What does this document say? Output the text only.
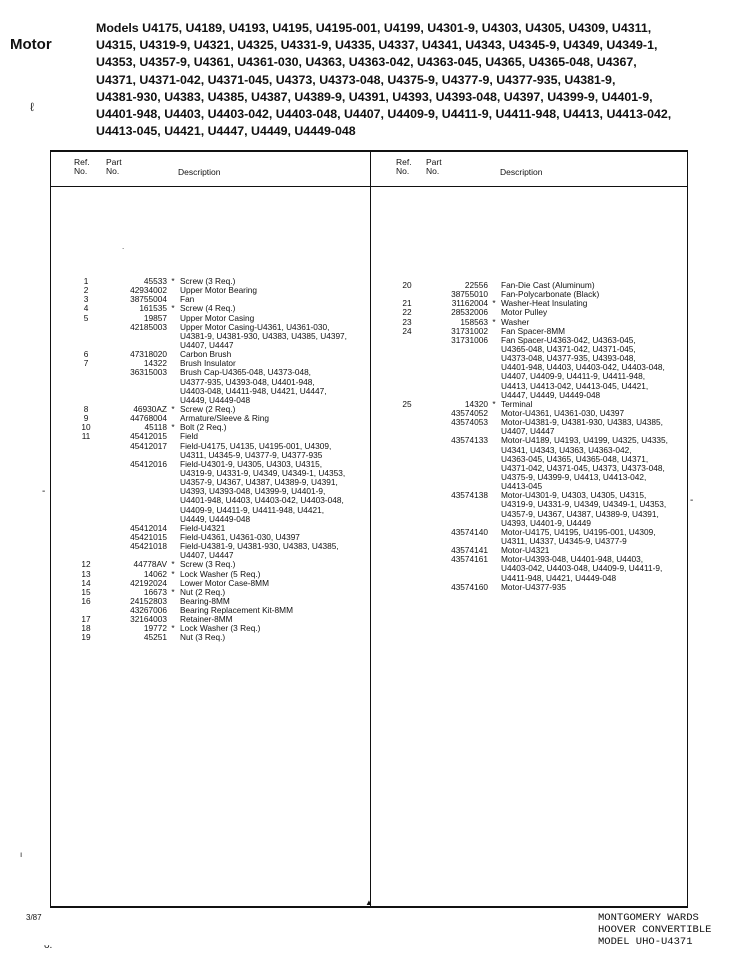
Motor
Models U4175, U4189, U4193, U4195, U4195-001, U4199, U4301-9, U4303, U4305, U4309, U4311,
U4315, U4319-9, U4321, U4325, U4331-9, U4335, U4337, U4341, U4343, U4345-9, U4349, U4349-1,
U4353, U4357-9, U4361, U4361-030, U4363, U4363-042, U4363-045, U4365, U4365-048, U4367,
U4371, U4371-042, U4371-045, U4373, U4373-048, U4375-9, U4377-9, U4377-935, U4381-9,
U4381-930, U4383, U4385, U4387, U4389-9, U4391, U4393, U4393-048, U4397, U4399-9, U4401-9,
U4401-948, U4403, U4403-042, U4403-048, U4407, U4409-9, U4411-9, U4411-948, U4413, U4413-042,
U4413-045, U4421, U4447, U4449, U4449-048
ℓ
.
Ref.
No.
Part
No.	Description
Ref.
No.
Part
No.	Description
1	45533 * Screw (3 Req.)
2	42934002 Upper Motor Bearing
3	38755004 Fan
4	161535 * Screw (4 Req.)
5	19857 Upper Motor Casing
42185003 Upper Motor Casing-U4361, U4361-030,
U4381-9, U4381-930, U4383, U4385, U4397,
U4407, U4447
6	47318020 Carbon Brush
7	14322 Brush Insulator
36315003 Brush Cap-U4365-048, U4373-048,
U4377-935, U4393-048, U4401-948,
U4403-048, U4411-948, U4421, U4447,
U4449, U4449-048
8	46930AZ * Screw (2 Req.)
9	44768004 Armature/Sleeve & Ring
10	45118 * Bolt (2 Req.)
11	45412015 Field
45412017 Field-U4175, U4135, U4195-001, U4309,
U4311, U4345-9, U4377-9, U4377-935
45412016 Field-U4301-9, U4305, U4303, U4315,
U4319-9, U4331-9, U4349, U4349-1, U4353,
U4357-9, U4367, U4387, U4389-9, U4391,
U4393, U4393-048, U4399-9, U4401-9,
U4401-948, U4403, U4403-042, U4403-048,
U4409-9, U4411-9, U4411-948, U4421,
U4449, U4449-048
45412014 Field-U4321
45421015 Field-U4361, U4361-030, U4397
45421018 Field-U4381-9, U4381-930, U4383, U4385,
U4407, U4447
12	44778AV * Screw (3 Req.)
13	14062 * Lock Washer (5 Req.)
14	42192024 Lower Motor Case-8MM
15	16673 * Nut (2 Req.)
16	24152803 Bearing-8MM
43267006 Bearing Replacement Kit-8MM
17	32164003 Retainer-8MM
18	19772 * Lock Washer (3 Req.)
19	45251 Nut (3 Req.)
20	22556 Fan-Die Cast (Aluminum)
38755010 Fan-Polycarbonate (Black)
21	31162004 * Washer-Heat Insulating
22	28532006 Motor Pulley
23	158563 * Washer
24	31731002 Fan Spacer-8MM
31731006 Fan Spacer-U4363-042, U4363-045,
U4365-048, U4371-042, U4371-045,
U4373-048, U4377-935, U4393-048,
U4401-948, U4403, U4403-042, U4403-048,
U4407, U4409-9, U4411-9, U4411-948,
U4413, U4413-042, U4413-045, U4421,
U4447, U4449, U4449-048
25	14320 * Terminal
43574052 Motor-U4361, U4361-030, U4397
43574053 Motor-U4381-9, U4381-930, U4383, U4385,
U4407, U4447
43574133 Motor-U4189, U4193, U4199, U4325, U4335,
U4341, U4343, U4363, U4363-042,
U4363-045, U4365, U4365-048, U4371,
U4371-042, U4371-045, U4373, U4373-048,
U4375-9, U4399-9, U4413, U4413-042,
U4413-045
43574138 Motor-U4301-9, U4303, U4305, U4315,
U4319-9, U4331-9, U4349, U4349-1, U4353,
U4357-9, U4367, U4387, U4389-9, U4391,
U4393, U4401-9, U4449
43574140 Motor-U4175, U4195, U4195-001, U4309,
U4311, U4337, U4345-9, U4377-9
43574141 Motor-U4321
43574161 Motor-U4393-048, U4401-948, U4403,
U4403-042, U4403-048, U4409-9, U4411-9,
U4411-948, U4421, U4449-048
43574160 Motor-U4377-935
-
-
▲
ı
3/87	MONTGOMERY WARDS
HOOVER CONVERTIBLE
MODEL UHO-U4371
ᴗ.
